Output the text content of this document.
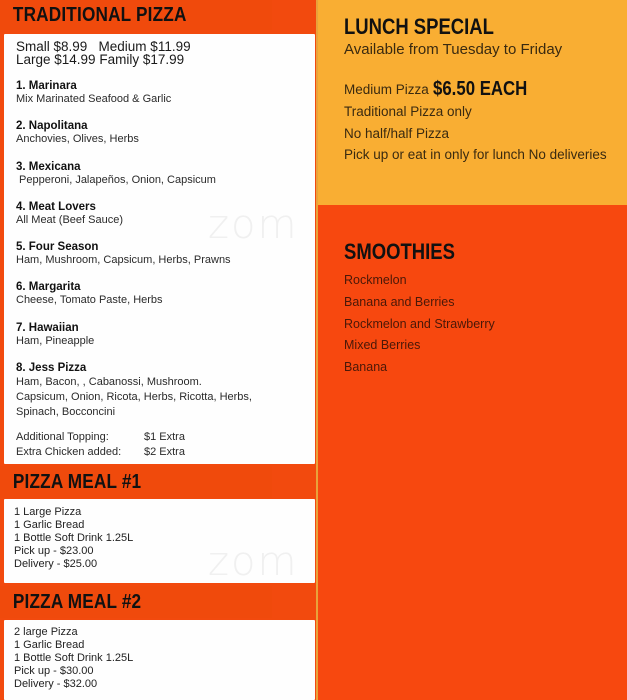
TRADITIONAL PIZZA
zom
Small $8.99   Medium $11.99
Large $14.99 Family $17.99
1. Marinara
Mix Marinated Seafood & Garlic
2. Napolitana
Anchovies, Olives, Herbs
3. Mexicana
Pepperoni, Jalapeños, Onion, Capsicum
4. Meat Lovers
All Meat (Beef Sauce)
5. Four Season
Ham, Mushroom, Capsicum, Herbs, Prawns
6. Margarita
Cheese, Tomato Paste, Herbs
7. Hawaiian
Ham, Pineapple
8. Jess Pizza
Ham, Bacon, , Cabanossi, Mushroom.
Capsicum, Onion, Ricota, Herbs, Ricotta, Herbs,
Spinach, Bocconcini
Additional Topping:	$1 Extra
Extra Chicken added:	$2 Extra
PIZZA MEAL #1
zom
1 Large Pizza
1 Garlic Bread
1 Bottle Soft Drink 1.25L
Pick up - $23.00
Delivery - $25.00
PIZZA MEAL #2
2 large Pizza
1 Garlic Bread
1 Bottle Soft Drink 1.25L
Pick up - $30.00
Delivery - $32.00
LUNCH SPECIAL
Available from Tuesday to Friday
Medium Pizza $6.50 EACH
Traditional Pizza only
No half/half Pizza
Pick up or eat in only for lunch No deliveries
SMOOTHIES
Rockmelon
Banana and Berries
Rockmelon and Strawberry
Mixed Berries
Banana
